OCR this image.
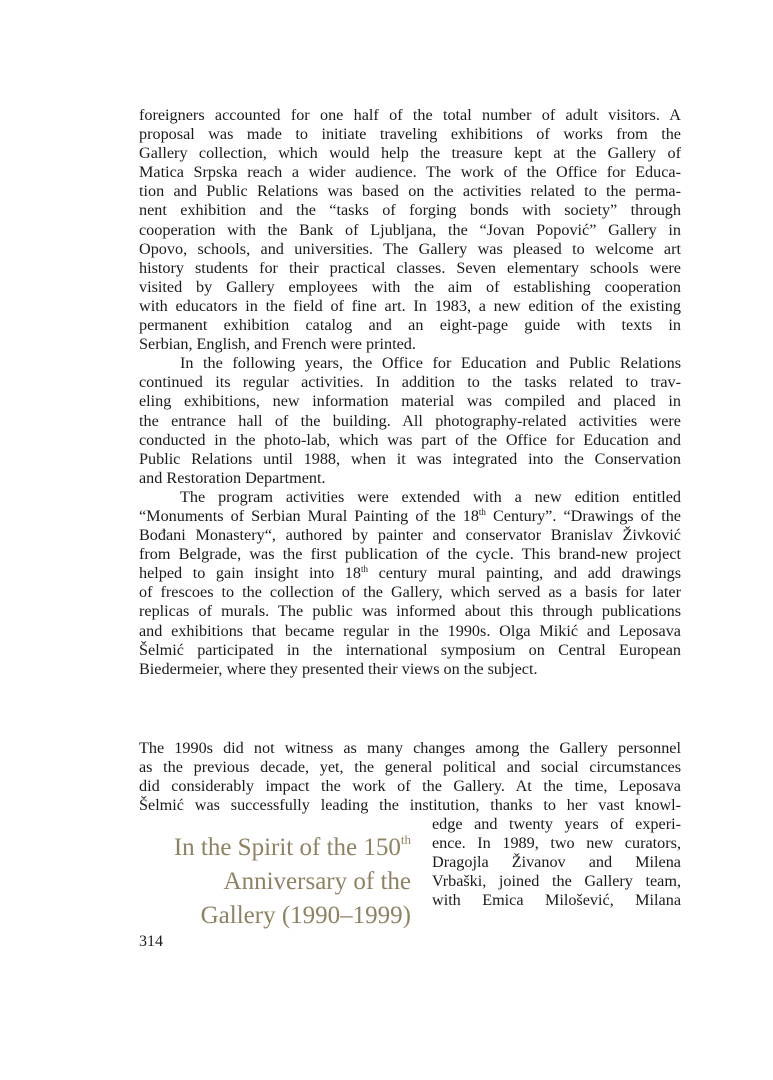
foreigners accounted for one half of the total number of adult visitors. A
proposal was made to initiate traveling exhibitions of works from the
Gallery collection, which would help the treasure kept at the Gallery of
Matica Srpska reach a wider audience. The work of the Office for Educa-
tion and Public Relations was based on the activities related to the perma-
nent exhibition and the “tasks of forging bonds with society” through
cooperation with the Bank of Ljubljana, the “Jovan Popović” Gallery in
Opovo, schools, and universities. The Gallery was pleased to welcome art
history students for their practical classes. Seven elementary schools were
visited by Gallery employees with the aim of establishing cooperation
with educators in the field of fine art. In 1983, a new edition of the existing
permanent exhibition catalog and an eight-page guide with texts in
Serbian, English, and French were printed.
In the following years, the Office for Education and Public Relations
continued its regular activities. In addition to the tasks related to trav-
eling exhibitions, new information material was compiled and placed in
the entrance hall of the building. All photography-related activities were
conducted in the photo-lab, which was part of the Office for Education and
Public Relations until 1988, when it was integrated into the Conservation
and Restoration Department.
The program activities were extended with a new edition entitled
“Monuments of Serbian Mural Painting of the 18th Century”. “Drawings of the
Bođani Monastery“, authored by painter and conservator Branislav Živković
from Belgrade, was the first publication of the cycle. This brand-new project
helped to gain insight into 18th century mural painting, and add drawings
of frescoes to the collection of the Gallery, which served as a basis for later
replicas of murals. The public was informed about this through publications
and exhibitions that became regular in the 1990s. Olga Mikić and Leposava
Šelmić participated in the international symposium on Central European
Biedermeier, where they presented their views on the subject.
The 1990s did not witness as many changes among the Gallery personnel
as the previous decade, yet, the general political and social circumstances
did considerably impact the work of the Gallery. At the time, Leposava
Šelmić was successfully leading the institution, thanks to her vast knowl-
In the Spirit of the 150th
Anniversary of the
Gallery (1990–1999)
edge and twenty years of experi-
ence. In 1989, two new curators,
Dragojla Živanov and Milena
Vrbaški, joined the Gallery team,
with Emica Milošević, Milana
314
